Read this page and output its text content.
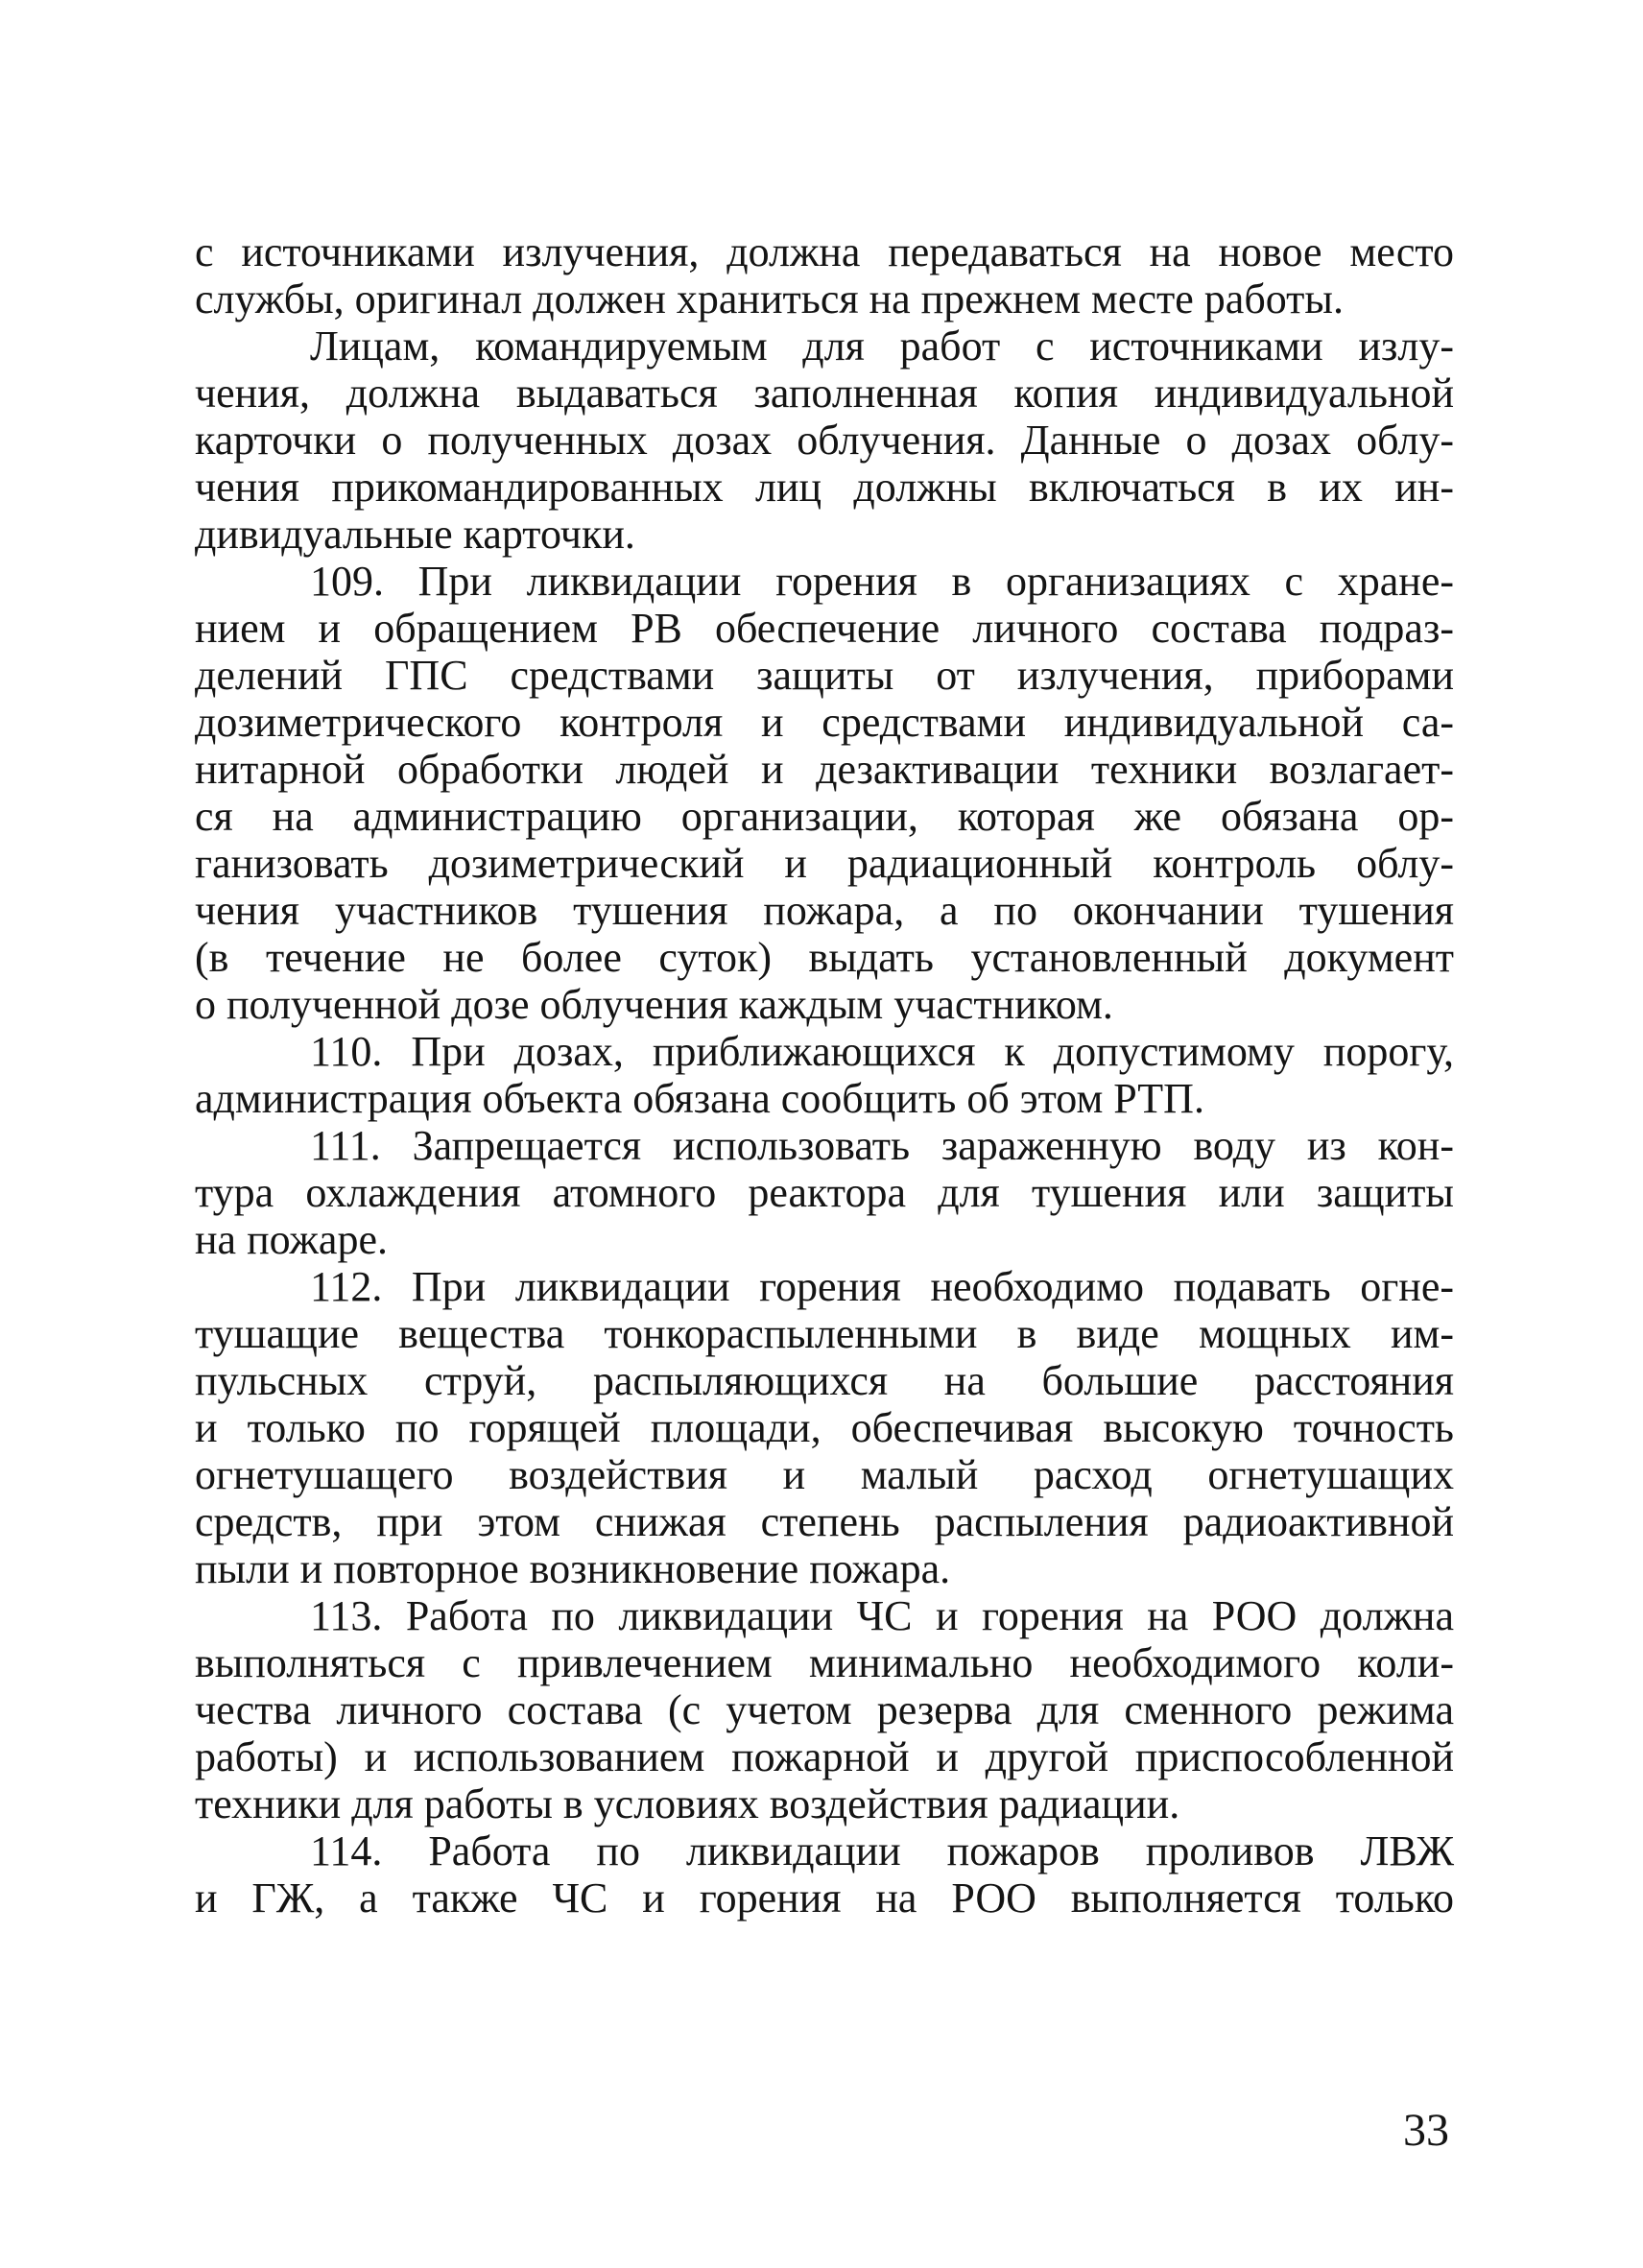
с источниками излучения, должна передаваться на новое место
службы, оригинал должен храниться на прежнем месте работы.
Лицам, командируемым для работ с источниками излу-
чения, должна выдаваться заполненная копия индивидуальной
карточки о полученных дозах облучения. Данные о дозах облу-
чения прикомандированных лиц должны включаться в их ин-
дивидуальные карточки.
109. При ликвидации горения в организациях с хране-
нием и обращением РВ обеспечение личного состава подраз-
делений ГПС средствами защиты от излучения, приборами
дозиметрического контроля и средствами индивидуальной са-
нитарной обработки людей и дезактивации техники возлагает-
ся на администрацию организации, которая же обязана ор-
ганизовать дозиметрический и радиационный контроль облу-
чения участников тушения пожара, а по окончании тушения
(в течение не более суток) выдать установленный документ
о полученной дозе облучения каждым участником.
110. При дозах, приближающихся к допустимому порогу,
администрация объекта обязана сообщить об этом РТП.
111. Запрещается использовать зараженную воду из кон-
тура охлаждения атомного реактора для тушения или защиты
на пожаре.
112. При ликвидации горения необходимо подавать огне-
тушащие вещества тонкораспыленными в виде мощных им-
пульсных струй, распыляющихся на большие расстояния
и только по горящей площади, обеспечивая высокую точность
огнетушащего воздействия и малый расход огнетушащих
средств, при этом снижая степень распыления радиоактивной
пыли и повторное возникновение пожара.
113. Работа по ликвидации ЧС и горения на РОО должна
выполняться с привлечением минимально необходимого коли-
чества личного состава (с учетом резерва для сменного режима
работы) и использованием пожарной и другой приспособленной
техники для работы в условиях воздействия радиации.
114. Работа по ликвидации пожаров проливов ЛВЖ
и ГЖ, а также ЧС и горения на РОО выполняется только
33
